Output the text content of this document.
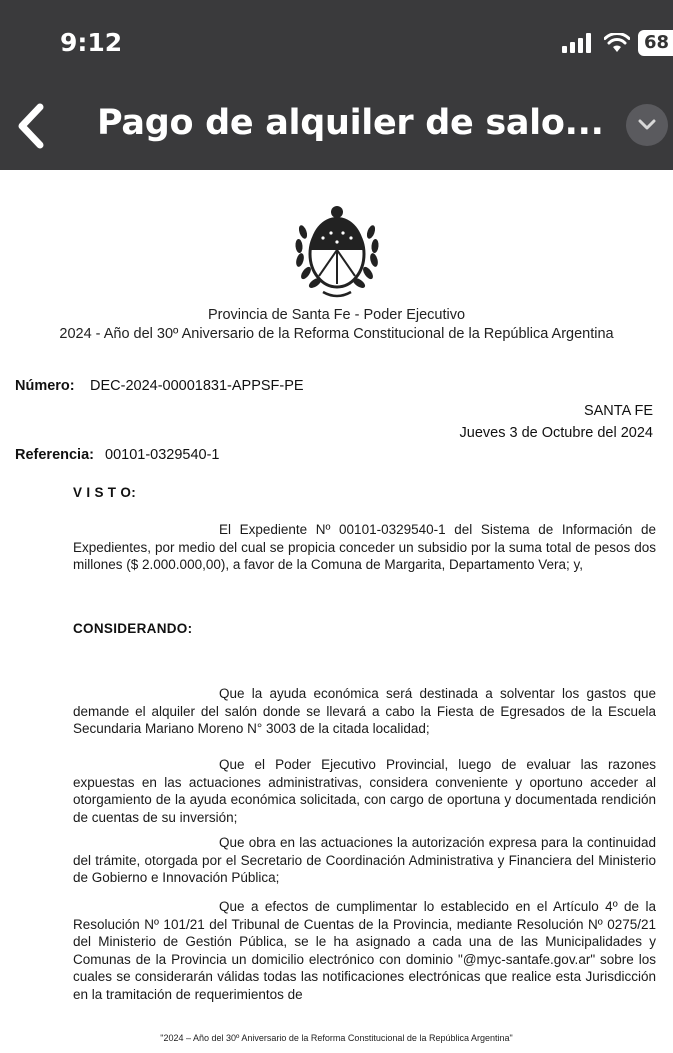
9:12	68
Pago de alquiler de salo...
Provincia de Santa Fe - Poder Ejecutivo
2024 - Año del 30º Aniversario de la Reforma Constitucional de la República Argentina
Número: DEC-2024-00001831-APPSF-PE
SANTA FE
Jueves 3 de Octubre del 2024
Referencia: 00101-0329540-1
V I S T O:

El Expediente Nº 00101-0329540-1 del Sistema de Información de Expedientes, por medio del cual se propicia conceder un subsidio por la suma total de pesos dos millones ($ 2.000.000,00), a favor de la Comuna de Margarita, Departamento Vera; y,

CONSIDERANDO:

Que la ayuda económica será destinada a solventar los gastos que demande el alquiler del salón donde se llevará a cabo la Fiesta de Egresados de la Escuela Secundaria Mariano Moreno N° 3003 de la citada localidad;

Que el Poder Ejecutivo Provincial, luego de evaluar las razones expuestas en las actuaciones administrativas, considera conveniente y oportuno acceder al otorgamiento de la ayuda económica solicitada, con cargo de oportuna y documentada rendición de cuentas de su inversión;

Que obra en las actuaciones la autorización expresa para la continuidad del trámite, otorgada por el Secretario de Coordinación Administrativa y Financiera del Ministerio de Gobierno e Innovación Pública;

Que a efectos de cumplimentar lo establecido en el Artículo 4º de la Resolución Nº 101/21 del Tribunal de Cuentas de la Provincia, mediante Resolución Nº 0275/21 del Ministerio de Gestión Pública, se le ha asignado a cada una de las Municipalidades y Comunas de la Provincia un domicilio electrónico con dominio "@myc-santafe.gov.ar" sobre los cuales se considerarán válidas todas las notificaciones electrónicas que realice esta Jurisdicción en la tramitación de requerimientos de

"2024 – Año del 30º Aniversario de la Reforma Constitucional de la República Argentina"
